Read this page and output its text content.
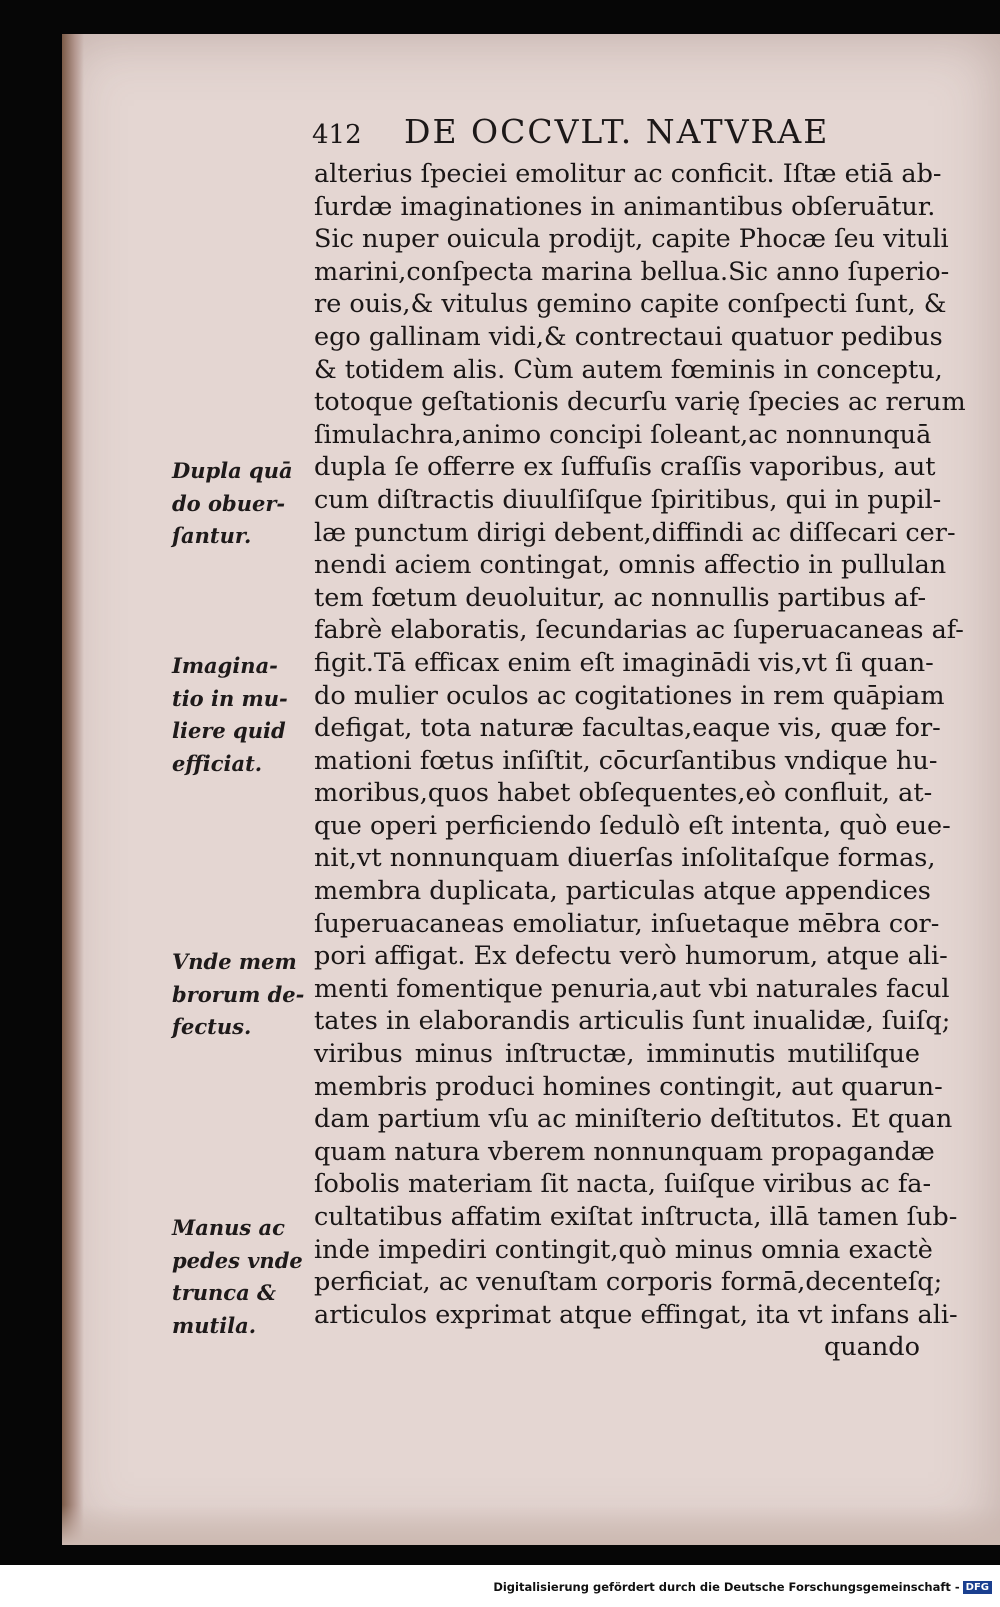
412 DE OCCVLT. NATVRAE
alterius ſpeciei emolitur ac conficit. Iſtæ etiā ab-
ſurdæ imaginationes in animantibus obſeruātur.
Sic nuper ouicula prodijt, capite Phocæ ſeu vituli
marini,conſpecta marina bellua.Sic anno ſuperio-
re ouis,& vitulus gemino capite conſpecti ſunt, &
ego gallinam vidi,& contrectaui quatuor pedibus
& totidem alis. Cùm autem fœminis in conceptu,
totoque geſtationis decurſu varię ſpecies ac rerum
ſimulachra,animo concipi ſoleant,ac nonnunquā
dupla ſe offerre ex ſuffuſis craſſis vaporibus, aut
cum diſtractis diuulſiſque ſpiritibus, qui in pupil-
læ punctum dirigi debent,diffindi ac diſſecari cer-
nendi aciem contingat, omnis affectio in pullulan
tem fœtum deuoluitur, ac nonnullis partibus af-
fabrè elaboratis, ſecundarias ac ſuperuacaneas af-
figit.Tā efficax enim eſt imaginādi vis,vt ſi quan-
do mulier oculos ac cogitationes in rem quāpiam
defigat, tota naturæ facultas,eaque vis, quæ for-
mationi fœtus inſiſtit, cōcurſantibus vndique hu-
moribus,quos habet obſequentes,eò confluit, at-
que operi perficiendo ſedulò eſt intenta, quò eue-
nit,vt nonnunquam diuerſas inſolitaſque formas,
membra duplicata, particulas atque appendices
ſuperuacaneas emoliatur, inſuetaque mēbra cor-
pori affigat. Ex defectu verò humorum, atque ali-
menti fomentique penuria,aut vbi naturales facul
tates in elaborandis articulis ſunt inualidæ, ſuiſq;
viribus minus inſtructæ, imminutis mutiliſque
membris produci homines contingit, aut quarun-
dam partium vſu ac miniſterio deſtitutos. Et quan
quam natura vberem nonnunquam propagandæ
ſobolis materiam ſit nacta, ſuiſque viribus ac fa-
cultatibus affatim exiſtat inſtructa, illā tamen ſub-
inde impediri contingit,quò minus omnia exactè
perficiat, ac venuſtam corporis formā,decenteſq;
articulos exprimat atque effingat, ita vt infans ali-
quando
Dupla quā
do obuer-
ſantur.
Imagina-
tio in mu-
liere quid
efficiat.
Vnde mem
brorum de-
fectus.
Manus ac
pedes vnde
trunca &
mutila.
Digitalisierung gefördert durch die Deutsche Forschungsgemeinschaft - DFG
